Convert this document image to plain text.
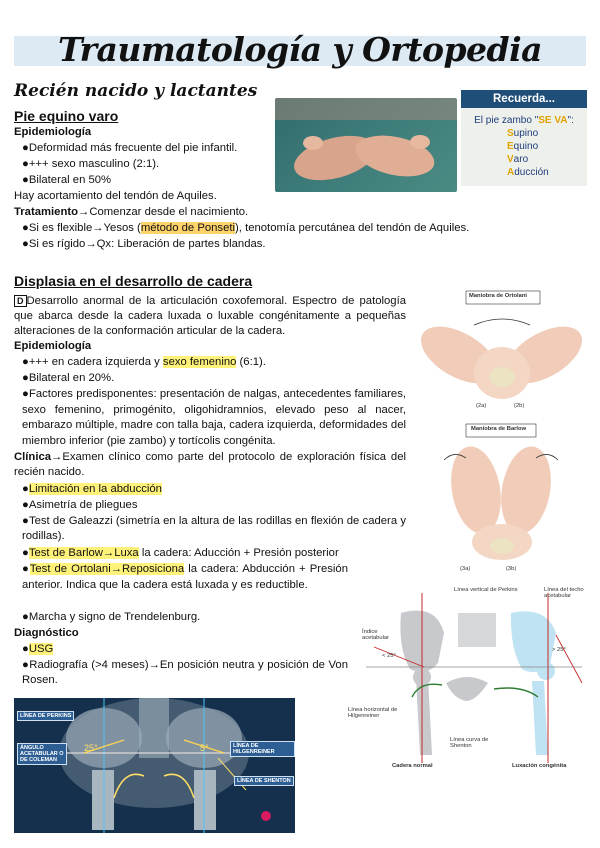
Traumatología y Ortopedia
Recién nacido y lactantes
Pie equino varo
Epidemiología
●Deformidad más frecuente del pie infantil.
●+++ sexo masculino (2:1).
●Bilateral en 50%
Hay acortamiento del tendón de Aquiles.
Tratamiento→Comenzar desde el nacimiento.
●Si es flexible→Yesos (método de Ponseti), tenotomía percutánea del tendón de Aquiles.
●Si es rígido→Qx: Liberación de partes blandas.
Recuerda...
El pie zambo "SE VA":
Supino
Equino
Varo
Aducción
Displasia en el desarrollo de cadera
D Desarrollo anormal de la articulación coxofemoral. Espectro de patología que abarca desde la cadera luxada o luxable congénitamente a pequeñas alteraciones de la conformación articular de la cadera.
Epidemiología
●+++ en cadera izquierda y sexo femenino (6:1).
●Bilateral en 20%.
●Factores predisponentes: presentación de nalgas, antecedentes familiares, sexo femenino, primogénito, oligohidramnios, elevado peso al nacer, embarazo múltiple, madre con talla baja, cadera izquierda, deformidades del miembro inferior (pie zambo) y tortícolis congénita.
Clínica→Examen clínico como parte del protocolo de exploración física del recién nacido.
●Limitación en la abducción
●Asimetría de pliegues
●Test de Galeazzi (simetría en la altura de las rodillas en flexión de cadera y rodillas).
●Test de Barlow→Luxa la cadera: Aducción + Presión posterior
●Test de Ortolani→Reposiciona la cadera: Abducción + Presión anterior. Indica que la cadera está luxada y es reductible.
●Marcha y signo de Trendelenburg.
Diagnóstico
●USG
●Radiografía (>4 meses)→En posición neutra y posición de Von Rosen.
LÍNEA DE PERKINS
ÁNGULO ACETABULAR O DE COLEMAN
LÍNEA DE HILGENREINER
LÍNEA DE SHENTON
25°	5°
Maniobra de Ortolani
(2a)	(2b)
Maniobra de Barlow
(3a)	(3b)
Línea vertical de Perkins	Línea del techo acetabular
Índice acetabular
< 25°
> 25°
Línea horizontal de Hilgenreiner
Línea curva de Shenton
Cadera normal	Luxación congénita
